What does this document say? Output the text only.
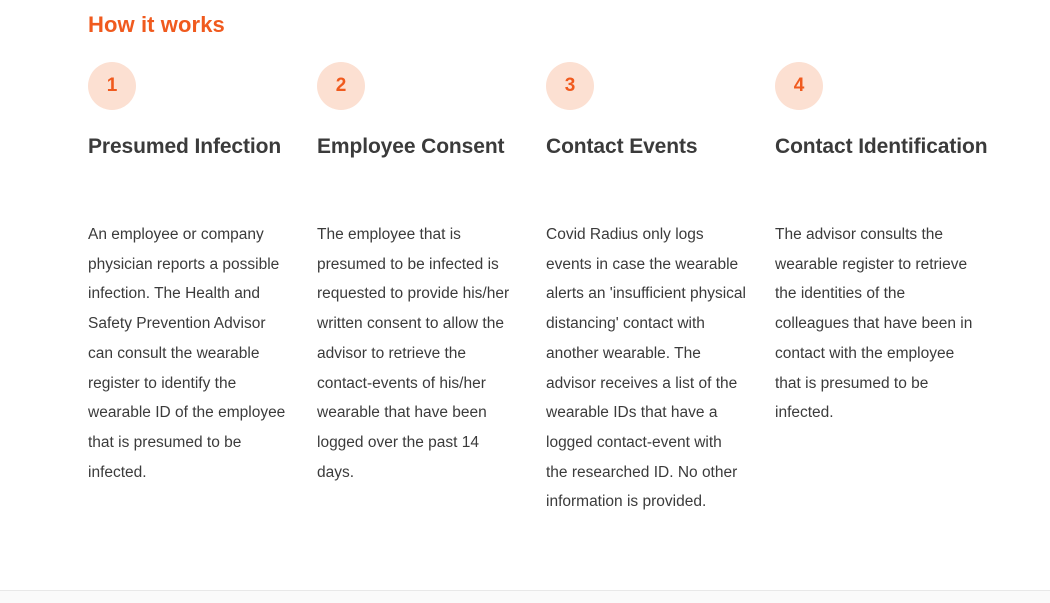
How it works
1
Presumed Infection
An employee or company physician reports a possible infection. The Health and Safety Prevention Advisor can consult the wearable register to identify the wearable ID of the employee that is presumed to be infected.
2
Employee Consent
The employee that is presumed to be infected is requested to provide his/her written consent to allow the advisor to retrieve the contact-events of his/her wearable that have been logged over the past 14 days.
3
Contact Events
Covid Radius only logs events in case the wearable alerts an 'insufficient physical distancing' contact with another wearable. The advisor receives a list of the wearable IDs that have a logged contact-event with the researched ID. No other information is provided.
4
Contact Identification
The advisor consults the wearable register to retrieve the identities of the colleagues that have been in contact with the employee that is presumed to be infected.
